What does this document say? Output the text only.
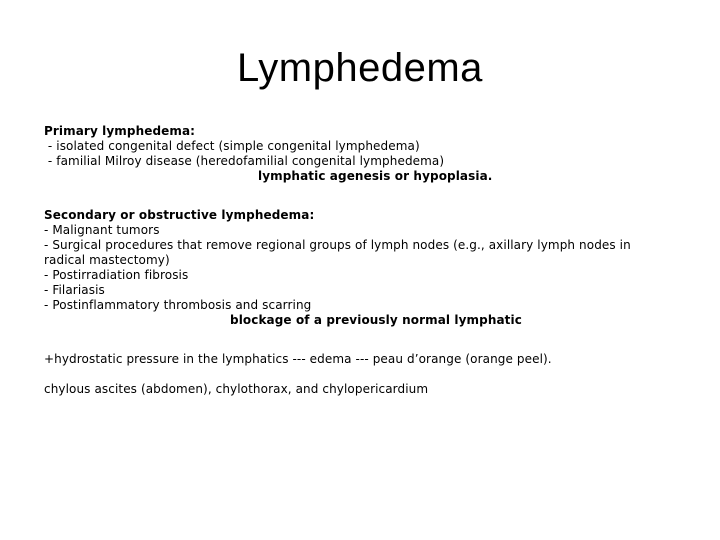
Lymphedema
Primary lymphedema:
- isolated congenital defect (simple congenital lymphedema)
- familial Milroy disease (heredofamilial congenital lymphedema)
lymphatic agenesis or hypoplasia.
Secondary or obstructive lymphedema:
- Malignant tumors
- Surgical procedures that remove regional groups of lymph nodes (e.g., axillary lymph nodes in radical mastectomy)
- Postirradiation fibrosis
- Filariasis
- Postinflammatory thrombosis and scarring
blockage of a previously normal lymphatic
+hydrostatic pressure in the lymphatics --- edema --- peau d’orange (orange peel).
chylous ascites (abdomen), chylothorax, and chylopericardium
